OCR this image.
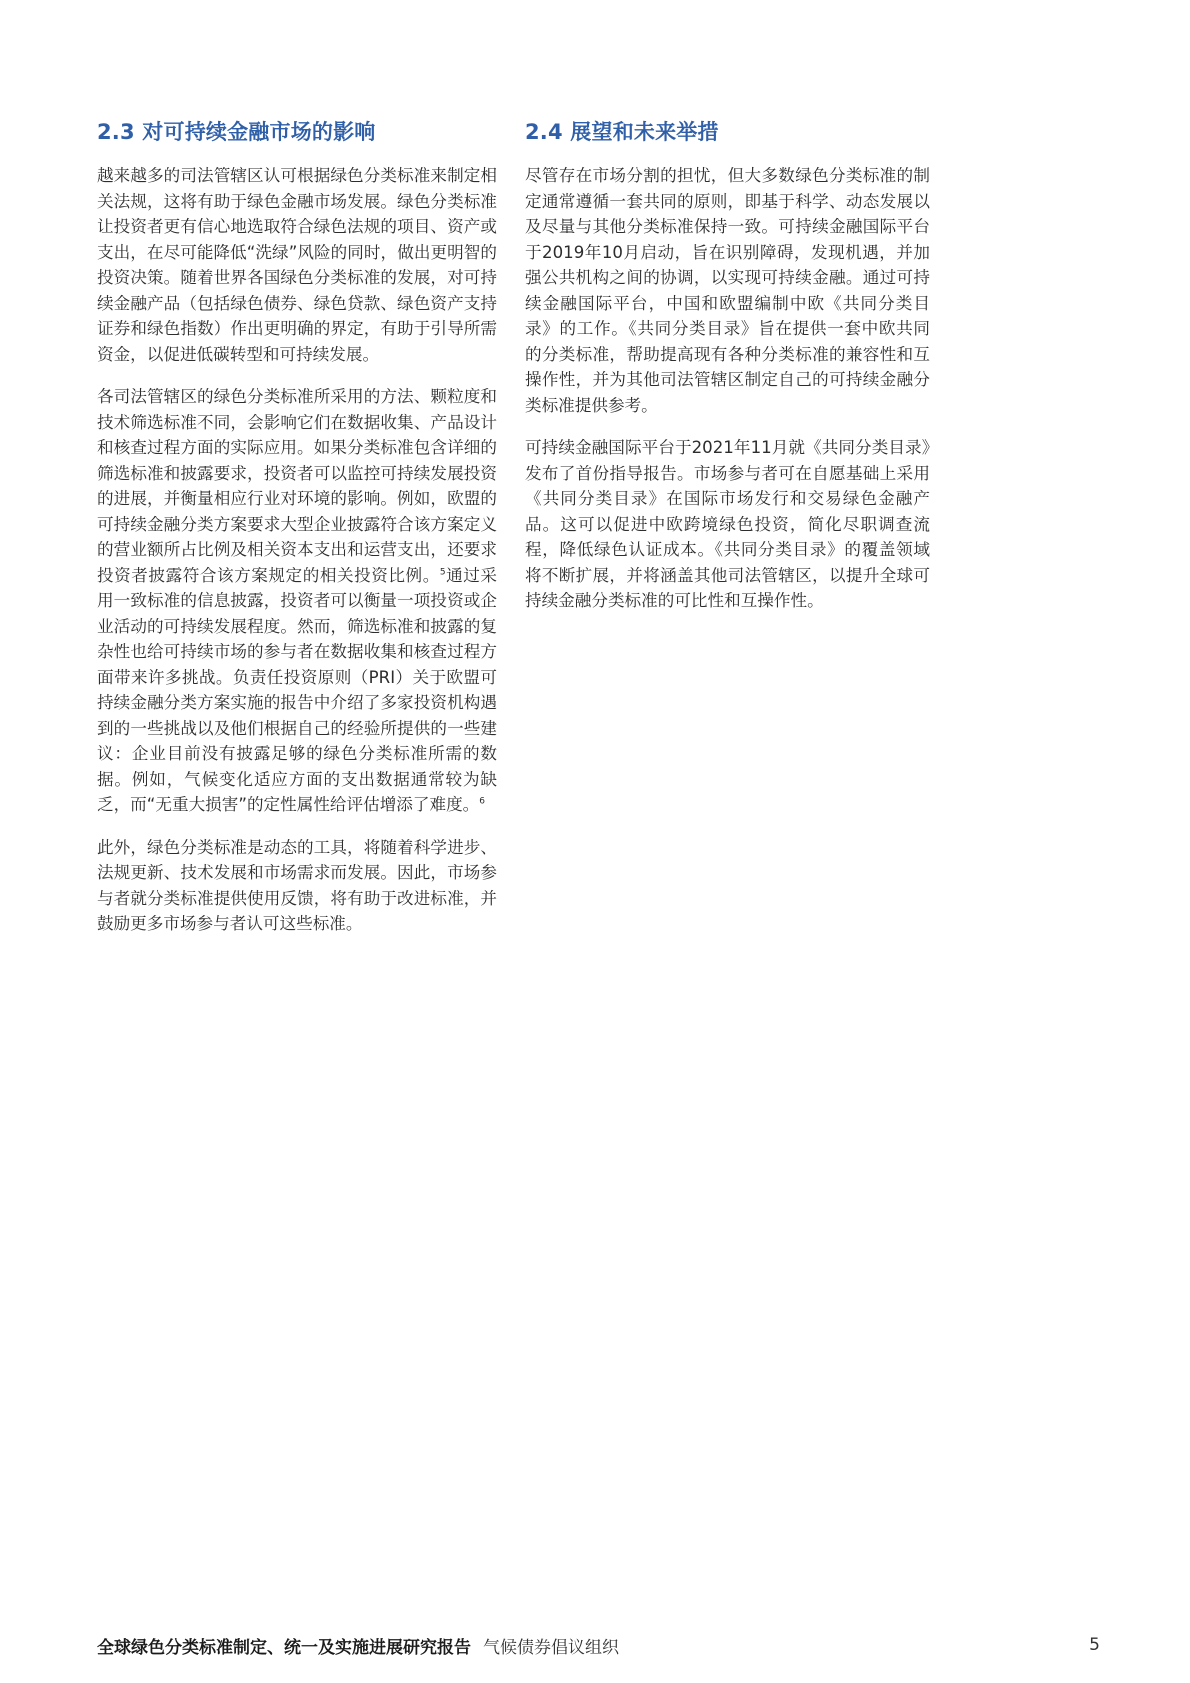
2.3 对可持续金融市场的影响

越来越多的司法管辖区认可根据绿色分类标准来制定相关法规，这将有助于绿色金融市场发展。绿色分类标准让投资者更有信心地选取符合绿色法规的项目、资产或支出，在尽可能降低“洗绿”风险的同时，做出更明智的投资决策。随着世界各国绿色分类标准的发展，对可持续金融产品（包括绿色债券、绿色贷款、绿色资产支持证券和绿色指数）作出更明确的界定，有助于引导所需资金，以促进低碳转型和可持续发展。

各司法管辖区的绿色分类标准所采用的方法、颗粒度和技术筛选标准不同，会影响它们在数据收集、产品设计和核查过程方面的实际应用。如果分类标准包含详细的筛选标准和披露要求，投资者可以监控可持续发展投资的进展，并衡量相应行业对环境的影响。例如，欧盟的可持续金融分类方案要求大型企业披露符合该方案定义的营业额所占比例及相关资本支出和运营支出，还要求投资者披露符合该方案规定的相关投资比例。$^5$通过采用一致标准的信息披露，投资者可以衡量一项投资或企业活动的可持续发展程度。然而，筛选标准和披露的复杂性也给可持续市场的参与者在数据收集和核查过程方面带来许多挑战。负责任投资原则（PRI）关于欧盟可持续金融分类方案实施的报告中介绍了多家投资机构遇到的一些挑战以及他们根据自己的经验所提供的一些建议：企业目前没有披露足够的绿色分类标准所需的数据。例如，气候变化适应方面的支出数据通常较为缺乏，而“无重大损害”的定性属性给评估增添了难度。$^6$

此外，绿色分类标准是动态的工具，将随着科学进步、法规更新、技术发展和市场需求而发展。因此，市场参与者就分类标准提供使用反馈，将有助于改进标准，并鼓励更多市场参与者认可这些标准。

2.4 展望和未来举措

尽管存在市场分割的担忧，但大多数绿色分类标准的制定通常遵循一套共同的原则，即基于科学、动态发展以及尽量与其他分类标准保持一致。可持续金融国际平台于2019年10月启动，旨在识别障碍，发现机遇，并加强公共机构之间的协调，以实现可持续金融。通过可持续金融国际平台，中国和欧盟编制中欧《共同分类目录》的工作。《共同分类目录》旨在提供一套中欧共同的分类标准，帮助提高现有各种分类标准的兼容性和互操作性，并为其他司法管辖区制定自己的可持续金融分类标准提供参考。

可持续金融国际平台于2021年11月就《共同分类目录》发布了首份指导报告。市场参与者可在自愿基础上采用《共同分类目录》在国际市场发行和交易绿色金融产品。这可以促进中欧跨境绿色投资，简化尽职调查流程，降低绿色认证成本。《共同分类目录》的覆盖领域将不断扩展，并将涵盖其他司法管辖区，以提升全球可持续金融分类标准的可比性和互操作性。

全球绿色分类标准制定、统一及实施进展研究报告 气候债券倡议组织	5
